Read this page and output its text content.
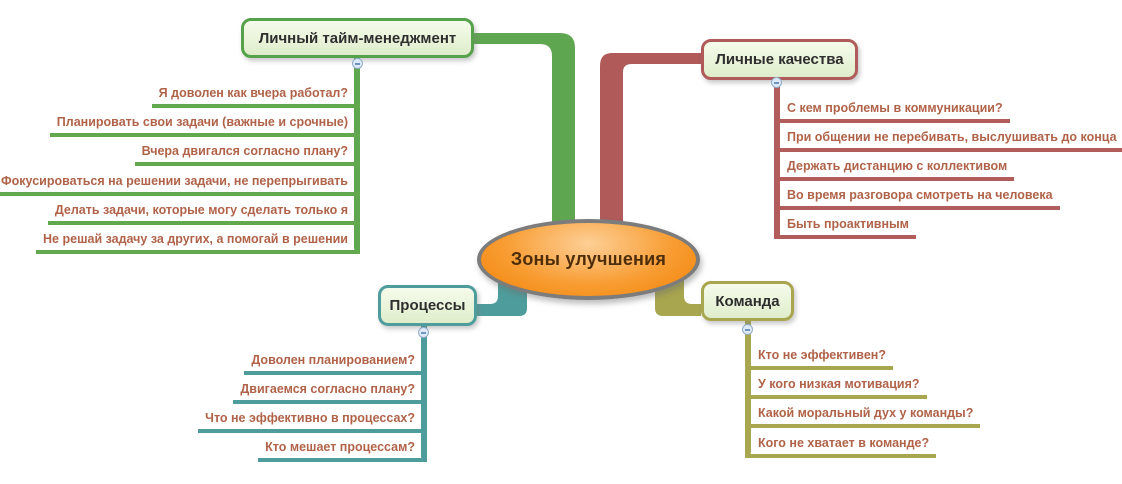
Зоны улучшения
Личный тайм-менеджмент
Личные качества
Процессы	Команда
Я доволен как вчера работал?
Планировать свои задачи (важные и срочные)
Вчера двигался согласно плану?
Фокусироваться на решении задачи, не перепрыгивать
Делать задачи, которые могу сделать только я
Не решай задачу за других, а помогай в решении
С кем проблемы в коммуникации?
При общении не перебивать, выслушивать до конца
Держать дистанцию с коллективом
Во время разговора смотреть на человека
Быть проактивным
Доволен планированием?
Двигаемся согласно плану?
Что не эффективно в процессах?
Кто мешает процессам?
Кто не эффективен?
У кого низкая мотивация?
Какой моральный дух у команды?
Кого не хватает в команде?
